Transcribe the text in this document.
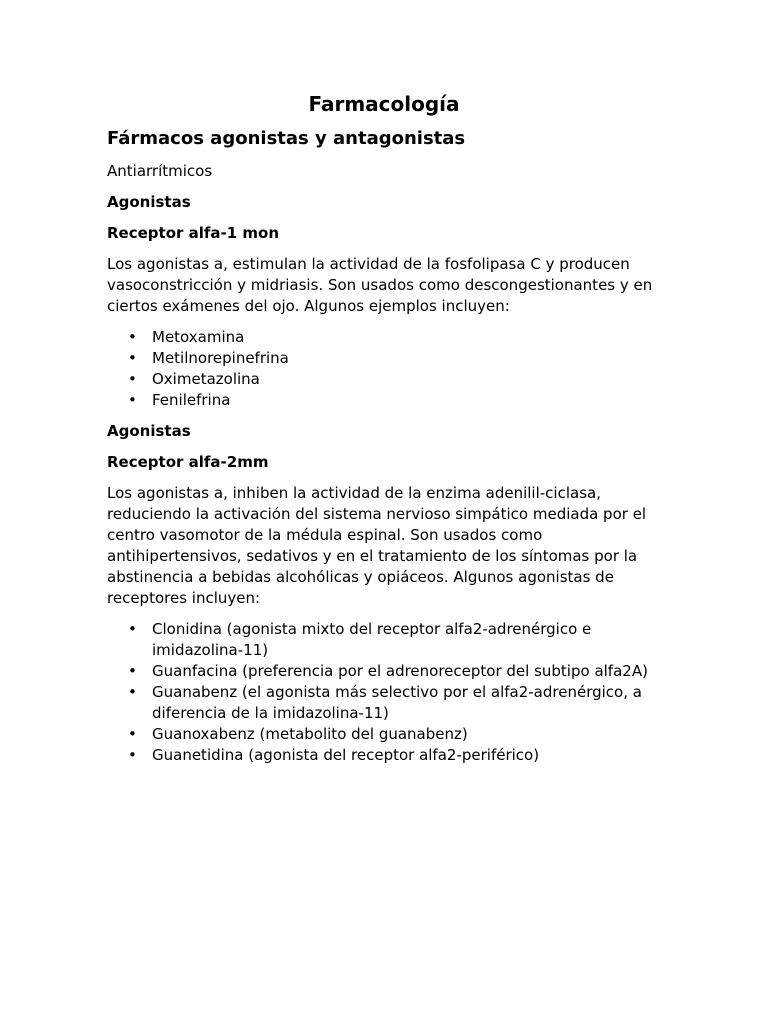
Farmacología
Fármacos agonistas y antagonistas
Antiarrítmicos
Agonistas
Receptor alfa-1 mon
Los agonistas a, estimulan la actividad de la fosfolipasa C y producen vasoconstricción y midriasis. Son usados como descongestionantes y en ciertos exámenes del ojo. Algunos ejemplos incluyen:
• Metoxamina
• Metilnorepinefrina
• Oximetazolina
• Fenilefrina
Agonistas
Receptor alfa-2mm
Los agonistas a, inhiben la actividad de la enzima adenilil-ciclasa, reduciendo la activación del sistema nervioso simpático mediada por el centro vasomotor de la médula espinal. Son usados como antihipertensivos, sedativos y en el tratamiento de los síntomas por la abstinencia a bebidas alcohólicas y opiáceos. Algunos agonistas de receptores incluyen:
• Clonidina (agonista mixto del receptor alfa2-adrenérgico e imidazolina-11)
• Guanfacina (preferencia por el adrenoreceptor del subtipo alfa2A)
• Guanabenz (el agonista más selectivo por el alfa2-adrenérgico, a diferencia de la imidazolina-11)
• Guanoxabenz (metabolito del guanabenz)
• Guanetidina (agonista del receptor alfa2-periférico)
